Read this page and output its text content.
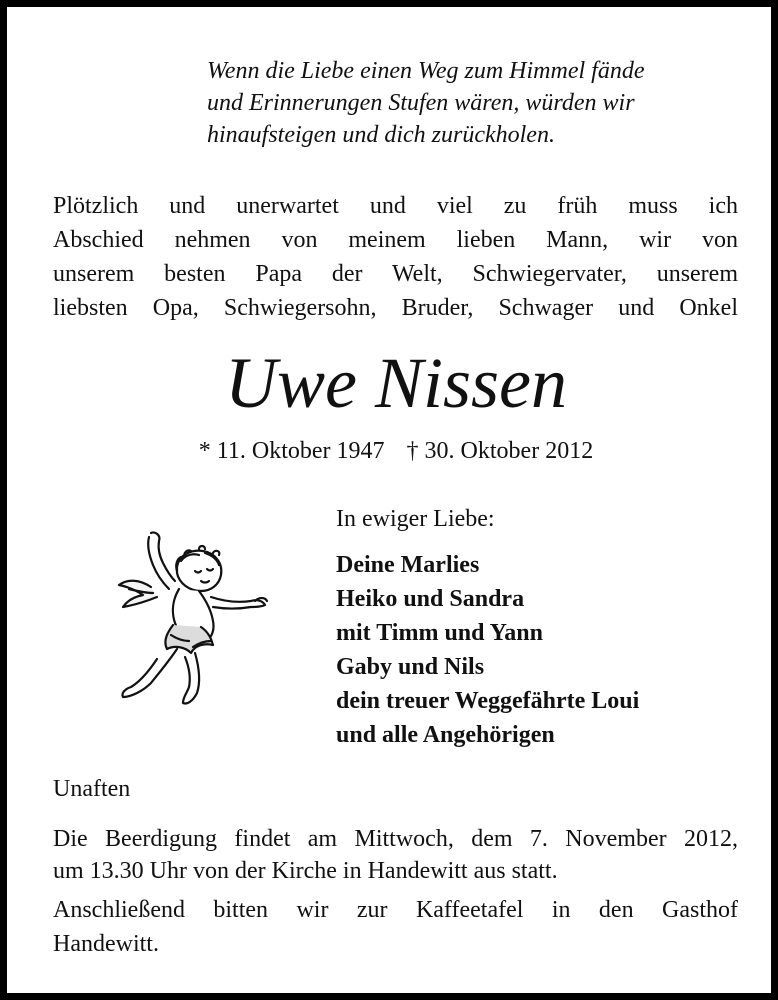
Wenn die Liebe einen Weg zum Himmel fände
und Erinnerungen Stufen wären, würden wir
hinaufsteigen und dich zurückholen.
Plötzlich und unerwartet und viel zu früh muss ich
Abschied nehmen von meinem lieben Mann, wir von
unserem besten Papa der Welt, Schwiegervater, unserem
liebsten Opa, Schwiegersohn, Bruder, Schwager und Onkel
Uwe Nissen
* 11. Oktober 1947 † 30. Oktober 2012
In ewiger Liebe:
Deine Marlies
Heiko und Sandra
mit Timm und Yann
Gaby und Nils
dein treuer Weggefährte Loui
und alle Angehörigen
Unaften
Die Beerdigung findet am Mittwoch, dem 7. November 2012,
um 13.30 Uhr von der Kirche in Handewitt aus statt.
Anschließend bitten wir zur Kaffeetafel in den Gasthof
Handewitt.
